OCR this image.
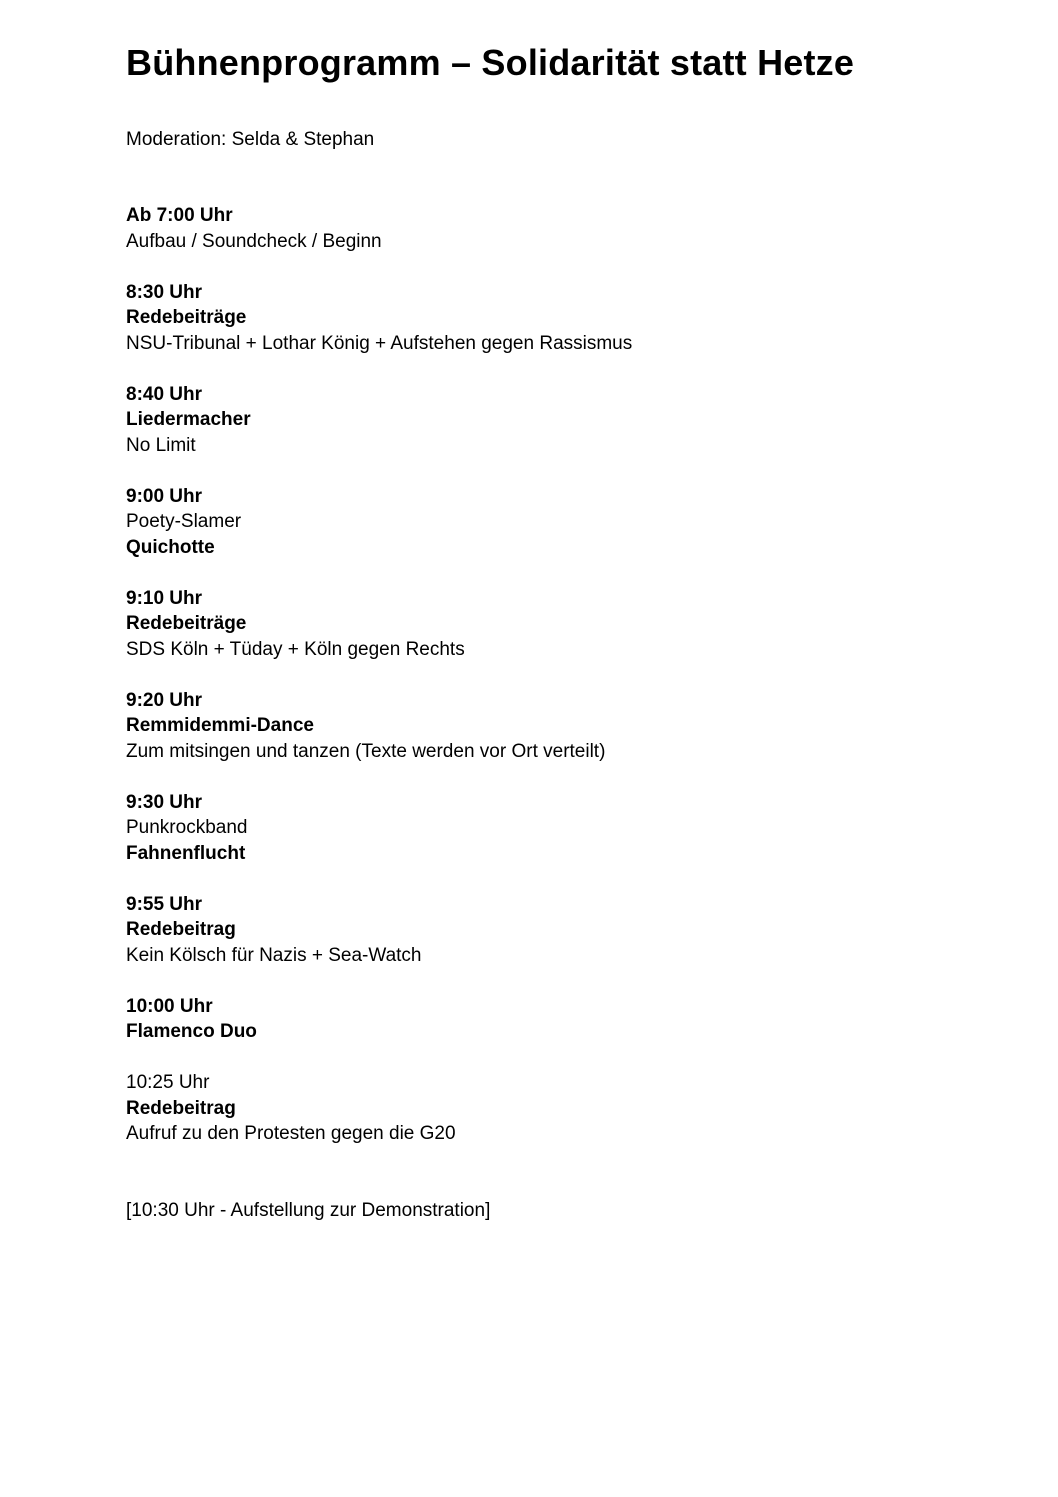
Bühnenprogramm – Solidarität statt Hetze
Moderation: Selda & Stephan
Ab 7:00 Uhr
Aufbau / Soundcheck / Beginn
8:30 Uhr
Redebeiträge
NSU-Tribunal + Lothar König + Aufstehen gegen Rassismus
8:40 Uhr
Liedermacher
No Limit
9:00 Uhr
Poety-Slamer
Quichotte
9:10 Uhr
Redebeiträge
SDS Köln + Tüday + Köln gegen Rechts
9:20 Uhr
Remmidemmi-Dance
Zum mitsingen und tanzen (Texte werden vor Ort verteilt)
9:30 Uhr
Punkrockband
Fahnenflucht
9:55 Uhr
Redebeitrag
Kein Kölsch für Nazis + Sea-Watch
10:00 Uhr
Flamenco Duo
10:25 Uhr
Redebeitrag
Aufruf zu den Protesten gegen die G20
[10:30 Uhr - Aufstellung zur Demonstration]
